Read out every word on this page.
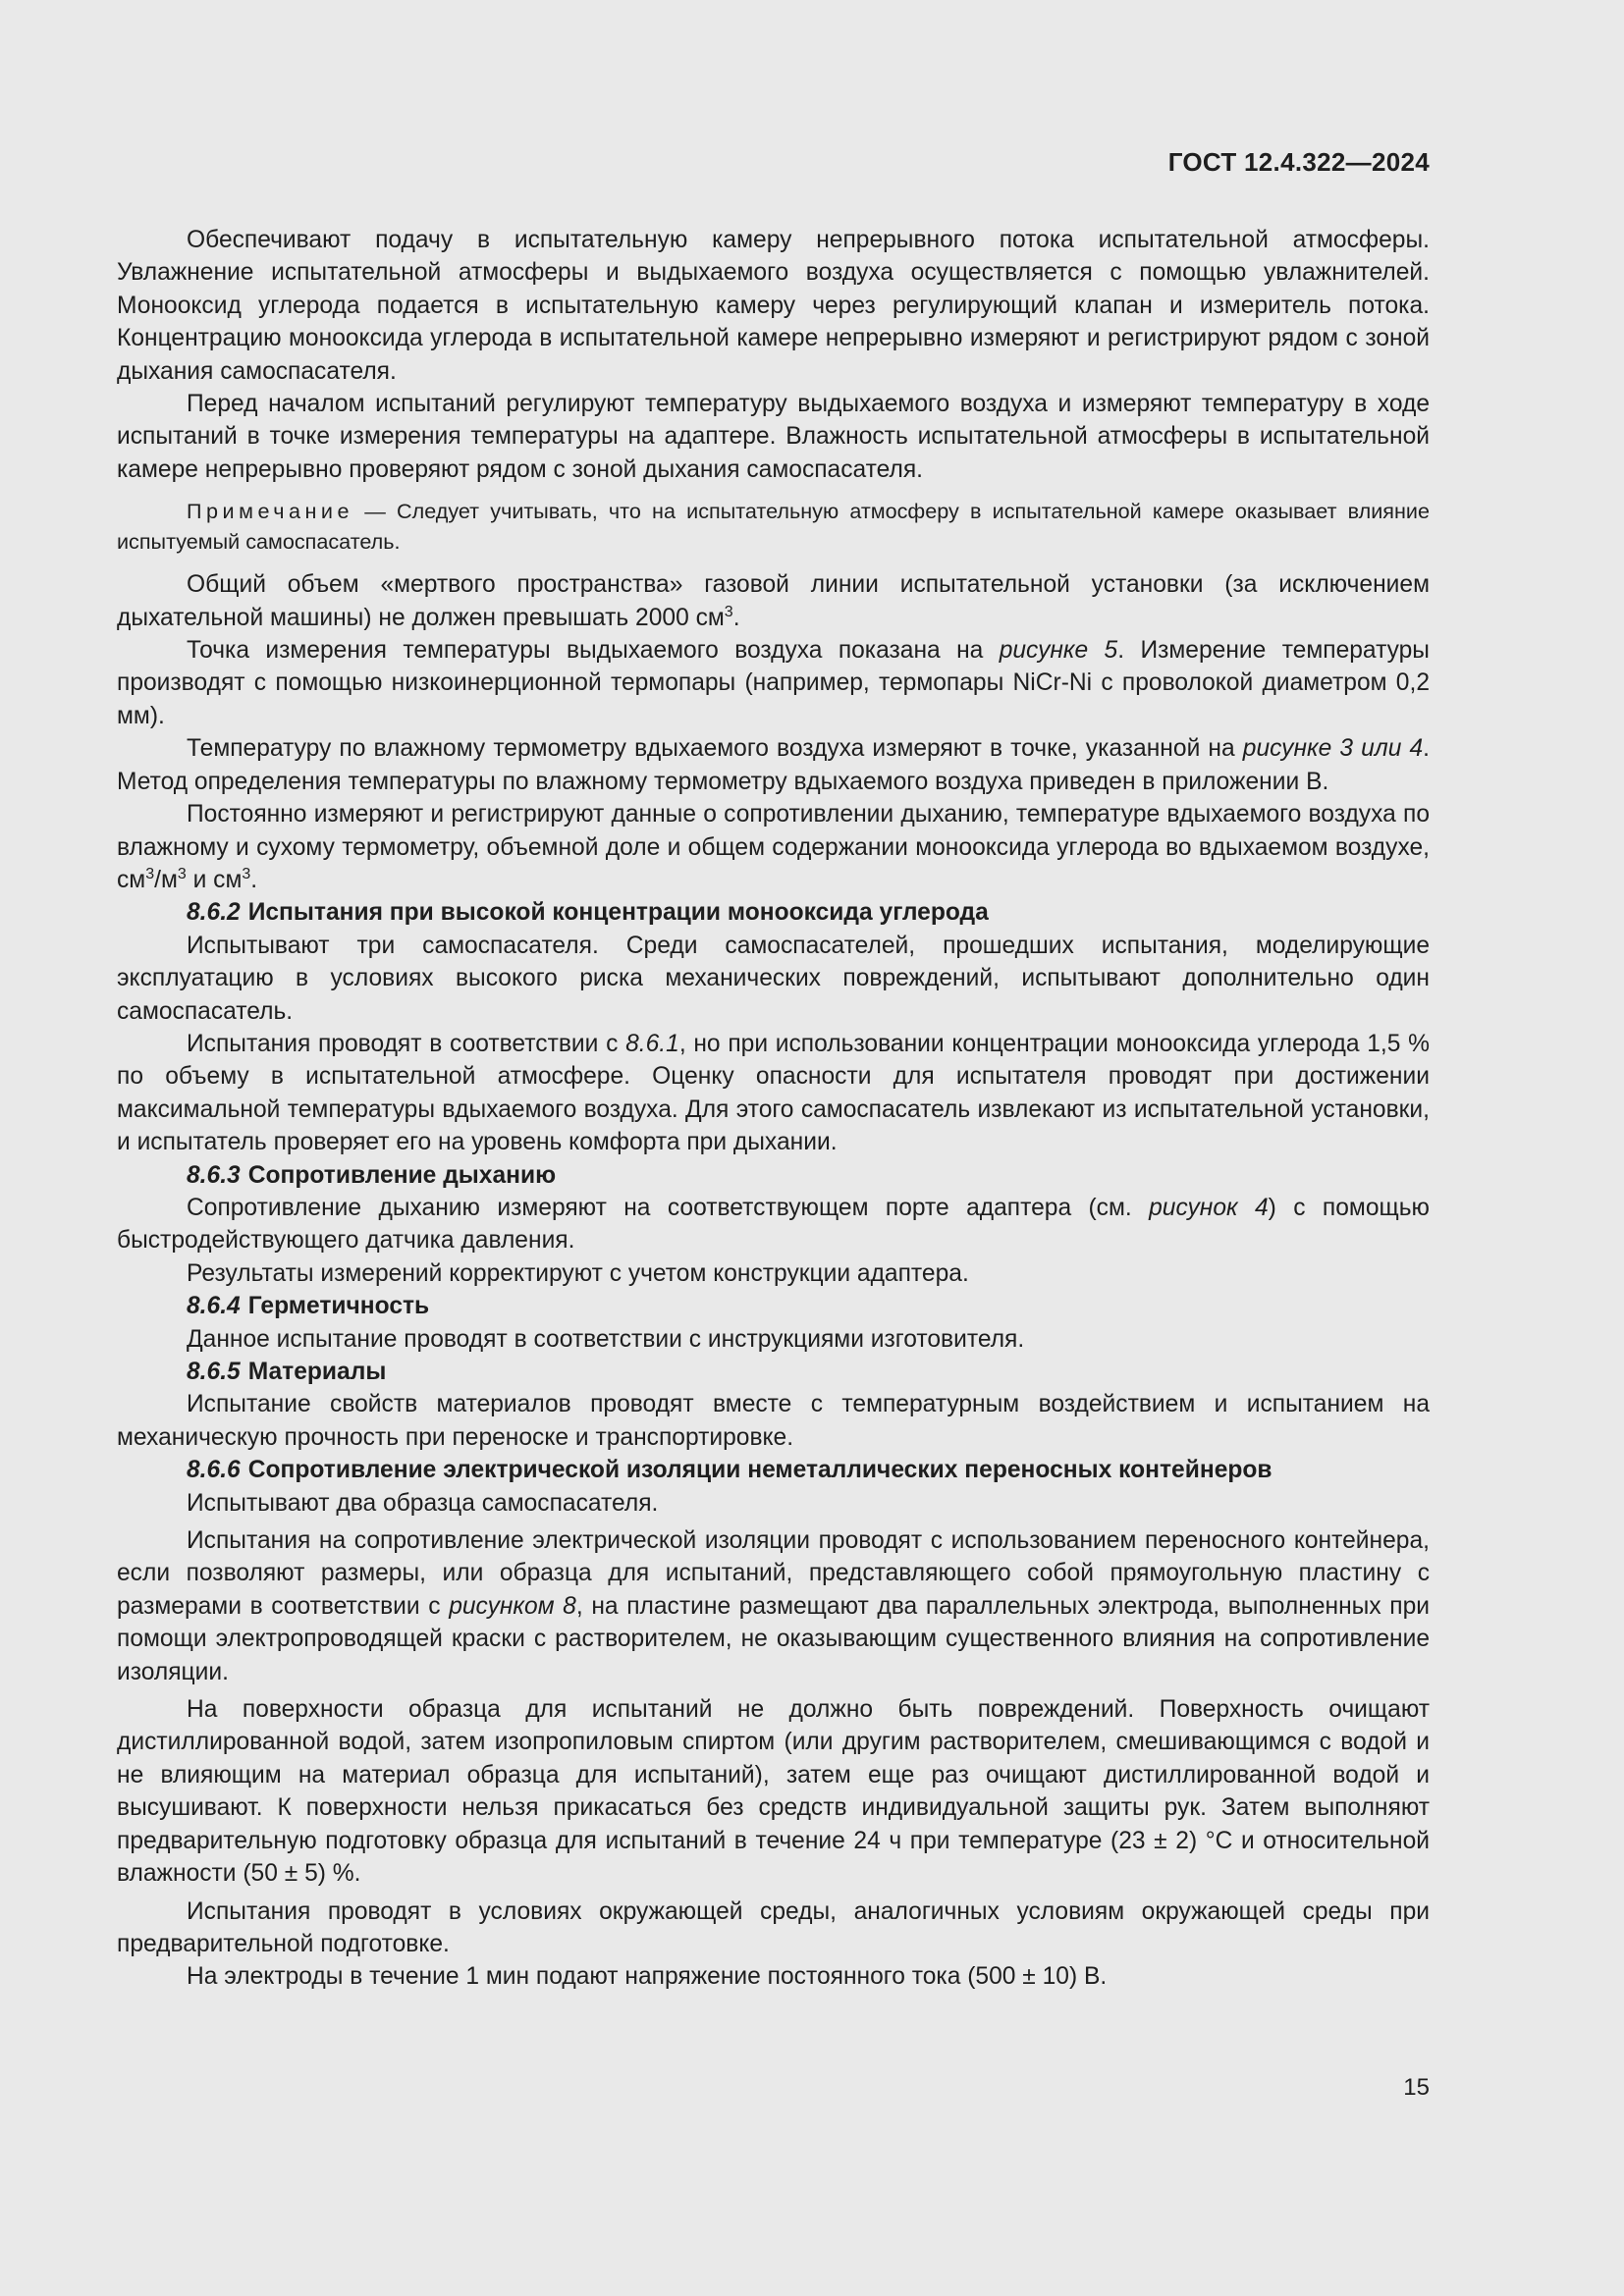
ГОСТ 12.4.322—2024

Обеспечивают подачу в испытательную камеру непрерывного потока испытательной атмосферы. Увлажнение испытательной атмосферы и выдыхаемого воздуха осуществляется с помощью увлажнителей. Монооксид углерода подается в испытательную камеру через регулирующий клапан и измеритель потока. Концентрацию монооксида углерода в испытательной камере непрерывно измеряют и регистрируют рядом с зоной дыхания самоспасателя.

Перед началом испытаний регулируют температуру выдыхаемого воздуха и измеряют температуру в ходе испытаний в точке измерения температуры на адаптере. Влажность испытательной атмосферы в испытательной камере непрерывно проверяют рядом с зоной дыхания самоспасателя.

Примечание — Следует учитывать, что на испытательную атмосферу в испытательной камере оказывает влияние испытуемый самоспасатель.

Общий объем «мертвого пространства» газовой линии испытательной установки (за исключением дыхательной машины) не должен превышать 2000 $см^3$.

Точка измерения температуры выдыхаемого воздуха показана на рисунке 5. Измерение температуры производят с помощью низкоинерционной термопары (например, термопары NiCr-Ni с проволокой диаметром 0,2 мм).

Температуру по влажному термометру вдыхаемого воздуха измеряют в точке, указанной на рисунке 3 или 4. Метод определения температуры по влажному термометру вдыхаемого воздуха приведен в приложении В.

Постоянно измеряют и регистрируют данные о сопротивлении дыханию, температуре вдыхаемого воздуха по влажному и сухому термометру, объемной доле и общем содержании монооксида углерода во вдыхаемом воздухе, $см^3/м^3$ и $см^3$.

8.6.2 Испытания при высокой концентрации монооксида углерода

Испытывают три самоспасателя. Среди самоспасателей, прошедших испытания, моделирующие эксплуатацию в условиях высокого риска механических повреждений, испытывают дополнительно один самоспасатель.

Испытания проводят в соответствии с 8.6.1, но при использовании концентрации монооксида углерода 1,5 % по объему в испытательной атмосфере. Оценку опасности для испытателя проводят при достижении максимальной температуры вдыхаемого воздуха. Для этого самоспасатель извлекают из испытательной установки, и испытатель проверяет его на уровень комфорта при дыхании.

8.6.3 Сопротивление дыханию

Сопротивление дыханию измеряют на соответствующем порте адаптера (см. рисунок 4) с помощью быстродействующего датчика давления.

Результаты измерений корректируют с учетом конструкции адаптера.

8.6.4 Герметичность

Данное испытание проводят в соответствии с инструкциями изготовителя.

8.6.5 Материалы

Испытание свойств материалов проводят вместе с температурным воздействием и испытанием на механическую прочность при переноске и транспортировке.

8.6.6 Сопротивление электрической изоляции неметаллических переносных контейнеров

Испытывают два образца самоспасателя.

Испытания на сопротивление электрической изоляции проводят с использованием переносного контейнера, если позволяют размеры, или образца для испытаний, представляющего собой прямоугольную пластину с размерами в соответствии с рисунком 8, на пластине размещают два параллельных электрода, выполненных при помощи электропроводящей краски с растворителем, не оказывающим существенного влияния на сопротивление изоляции.

На поверхности образца для испытаний не должно быть повреждений. Поверхность очищают дистиллированной водой, затем изопропиловым спиртом (или другим растворителем, смешивающимся с водой и не влияющим на материал образца для испытаний), затем еще раз очищают дистиллированной водой и высушивают. К поверхности нельзя прикасаться без средств индивидуальной защиты рук. Затем выполняют предварительную подготовку образца для испытаний в течение 24 ч при температуре (23 ± 2) °С и относительной влажности (50 ± 5) %.

Испытания проводят в условиях окружающей среды, аналогичных условиям окружающей среды при предварительной подготовке.

На электроды в течение 1 мин подают напряжение постоянного тока (500 ± 10) В.

15
